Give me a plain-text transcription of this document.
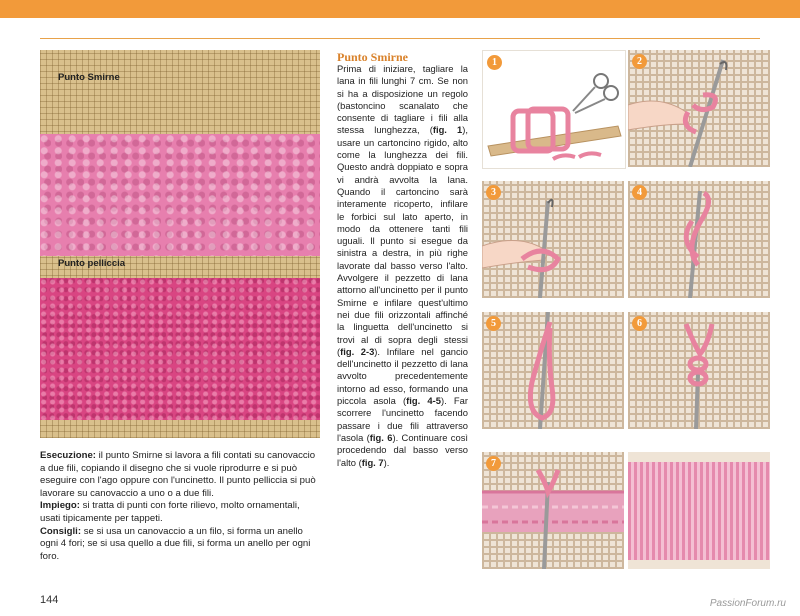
Punto Smirne
Punto pelliccia

Esecuzione: il punto Smirne si lavora a fili contati su canovaccio a due fili, copiando il disegno che si vuole riprodurre e si può eseguire con l'ago oppure con l'uncinetto. Il punto pelliccia si può lavorare su canovaccio a uno o a due fili.

Impiego: si tratta di punti con forte rilievo, molto ornamentali, usati tipicamente per tappeti.

Consigli: se si usa un canovaccio a un filo, si forma un anello ogni 4 fori; se si usa quello a due fili, si forma un anello per ogni foro.

Punto Smirne
Prima di iniziare, tagliare la lana in fili lunghi 7 cm. Se non si ha a disposizione un regolo (bastoncino scanalato che consente di tagliare i fili alla stessa lunghezza, (fig. 1), usare un cartoncino rigido, alto come la lunghezza dei fili. Questo andrà doppiato e sopra vi andrà avvolta la lana. Quando il cartoncino sarà interamente ricoperto, infilare le forbici sul lato aperto, in modo da ottenere tanti fili uguali. Il punto si esegue da sinistra a destra, in più righe lavorate dal basso verso l'alto. Avvolgere il pezzetto di lana attorno all'uncinetto per il punto Smirne e infilare quest'ultimo nei due fili orizzontali affinché la linguetta dell'uncinetto si trovi al di sopra degli stessi (fig. 2-3). Infilare nel gancio dell'uncinetto il pezzetto di lana avvolto precedentemente intorno ad esso, formando una piccola asola (fig. 4-5). Far scorrere l'uncinetto facendo passare i due fili attraverso l'asola (fig. 6). Continuare così procedendo dal basso verso l'alto (fig. 7).
1	2
3	4
5	6
7
144	PassionForum.ru
